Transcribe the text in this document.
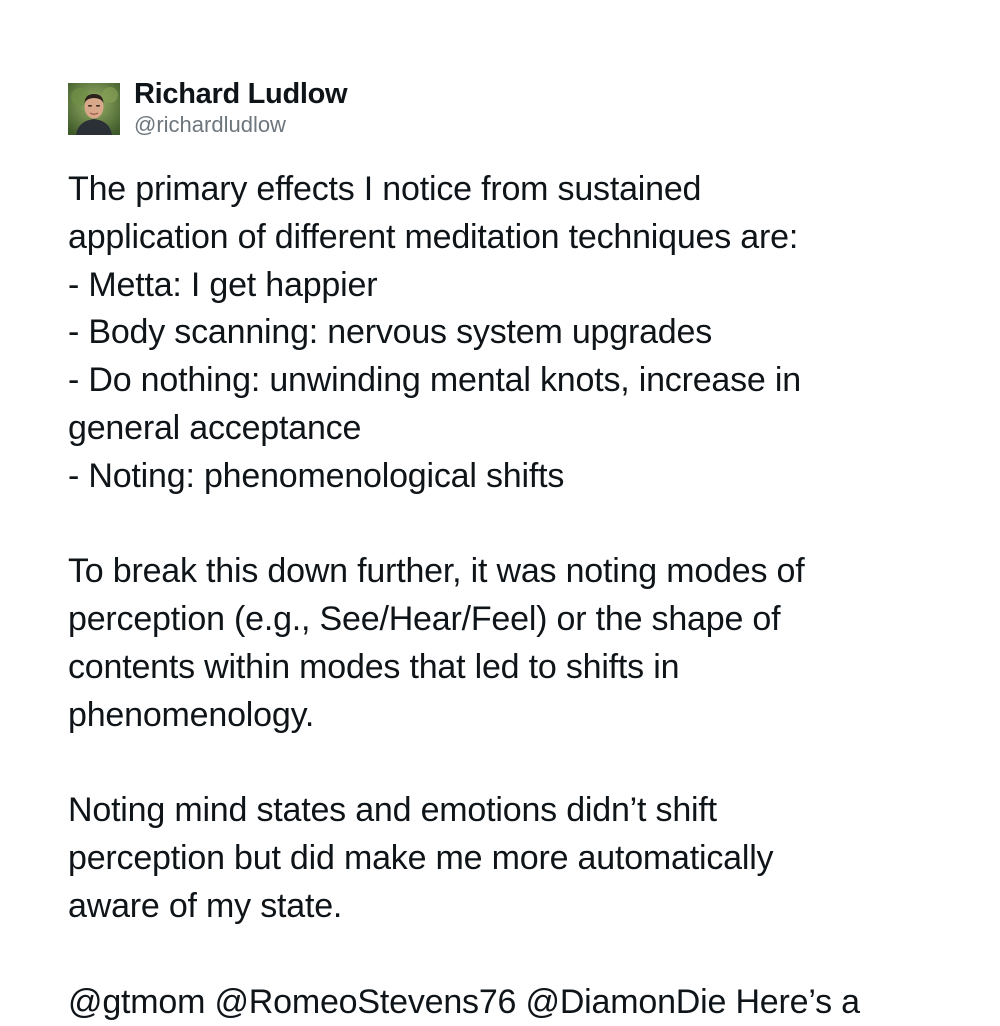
Richard Ludlow
@richardludlow
The primary effects I notice from sustained
application of different meditation techniques are:
- Metta: I get happier
- Body scanning: nervous system upgrades
- Do nothing: unwinding mental knots, increase in
general acceptance
- Noting: phenomenological shifts
To break this down further, it was noting modes of
perception (e.g., See/Hear/Feel) or the shape of
contents within modes that led to shifts in
phenomenology.
Noting mind states and emotions didn’t shift
perception but did make me more automatically
aware of my state.
@gtmom @RomeoStevens76 @DiamonDie Here’s a
